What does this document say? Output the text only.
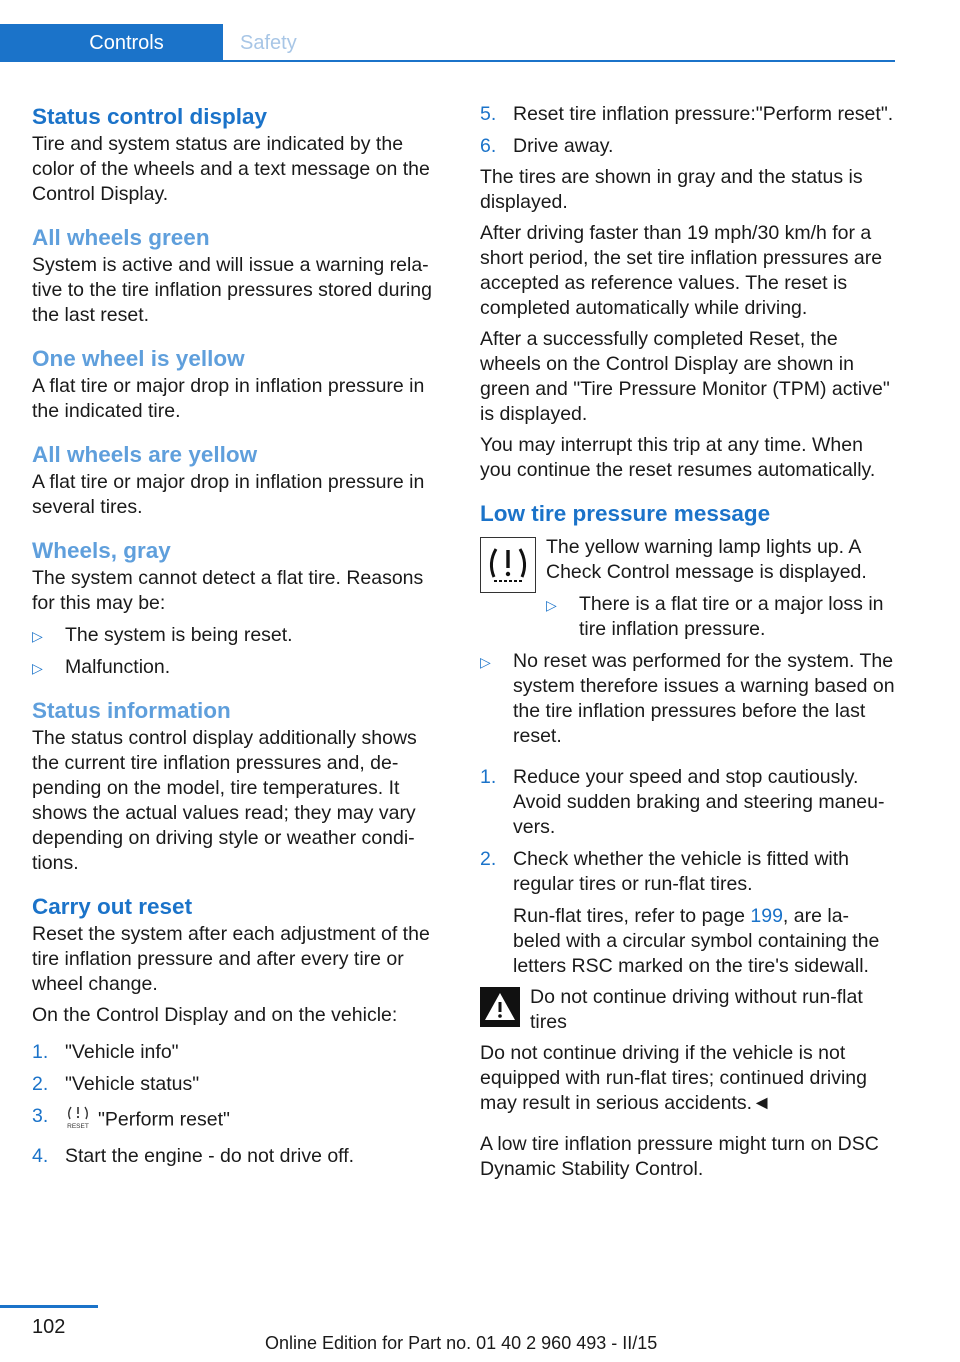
Controls	Safety
Status control display

Tire and system status are indicated by the color of the wheels and a text message on the Control Display.

All wheels green

System is active and will issue a warning rela- tive to the tire inflation pressures stored during the last reset.

One wheel is yellow

A flat tire or major drop in inflation pressure in the indicated tire.

All wheels are yellow

A flat tire or major drop in inflation pressure in several tires.

Wheels, gray

The system cannot detect a flat tire. Reasons for this may be:

▷ The system is being reset.
▷ Malfunction.
Status information

The status control display additionally shows the current tire inflation pressures and, de- pending on the model, tire temperatures. It shows the actual values read; they may vary depending on driving style or weather condi- tions.

Carry out reset

Reset the system after each adjustment of the tire inflation pressure and after every tire or wheel change.

On the Control Display and on the vehicle:

1. "Vehicle info"
2. "Vehicle status"
3.	RESET "Perform reset"
4. Start the engine - do not drive off.
5. Reset tire inflation pressure:"Perform reset".
6. Drive away.

The tires are shown in gray and the status is displayed.

After driving faster than 19 mph/30 km/h for a short period, the set tire inflation pressures are accepted as reference values. The reset is completed automatically while driving.

After a successfully completed Reset, the wheels on the Control Display are shown in green and "Tire Pressure Monitor (TPM) active" is displayed.

You may interrupt this trip at any time. When you continue the reset resumes automatically.

Low tire pressure message

The yellow warning lamp lights up. A Check Control message is displayed.

▷ There is a flat tire or a major loss in tire inflation pressure.
▷ No reset was performed for the system. The system therefore issues a warning based on the tire inflation pressures before the last reset.
1. Reduce your speed and stop cautiously. Avoid sudden braking and steering maneu- vers.
2. Check whether the vehicle is fitted with regular tires or run-flat tires.

Run-flat tires, refer to page 199, are la- beled with a circular symbol containing the letters RSC marked on the tire's sidewall.

Do not continue driving without run-flat tires

Do not continue driving if the vehicle is not equipped with run-flat tires; continued driving may result in serious accidents.◄

A low tire inflation pressure might turn on DSC Dynamic Stability Control.

102
Online Edition for Part no. 01 40 2 960 493 - II/15
